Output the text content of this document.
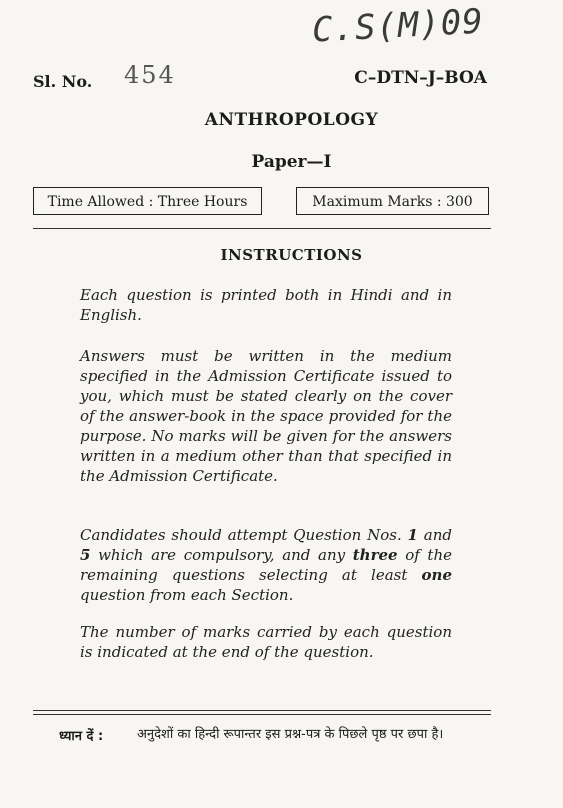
C.S(M)09
Sl. No. 454	C–DTN–J–BOA
ANTHROPOLOGY
Paper—I
Time Allowed : Three Hours	Maximum Marks : 300
INSTRUCTIONS
Each question is printed both in Hindi and in English.
Answers must be written in the medium specified in the Admission Certificate issued to you, which must be stated clearly on the cover of the answer-book in the space provided for the purpose. No marks will be given for the answers written in a medium other than that specified in the Admission Certificate.
Candidates should attempt Question Nos. 1 and 5 which are compulsory, and any three of the remaining questions selecting at least one question from each Section.
The number of marks carried by each question is indicated at the end of the question.
ध्यान दें :	अनुदेशों का हिन्दी रूपान्तर इस प्रश्न-पत्र के पिछले पृष्ठ पर छपा है।
